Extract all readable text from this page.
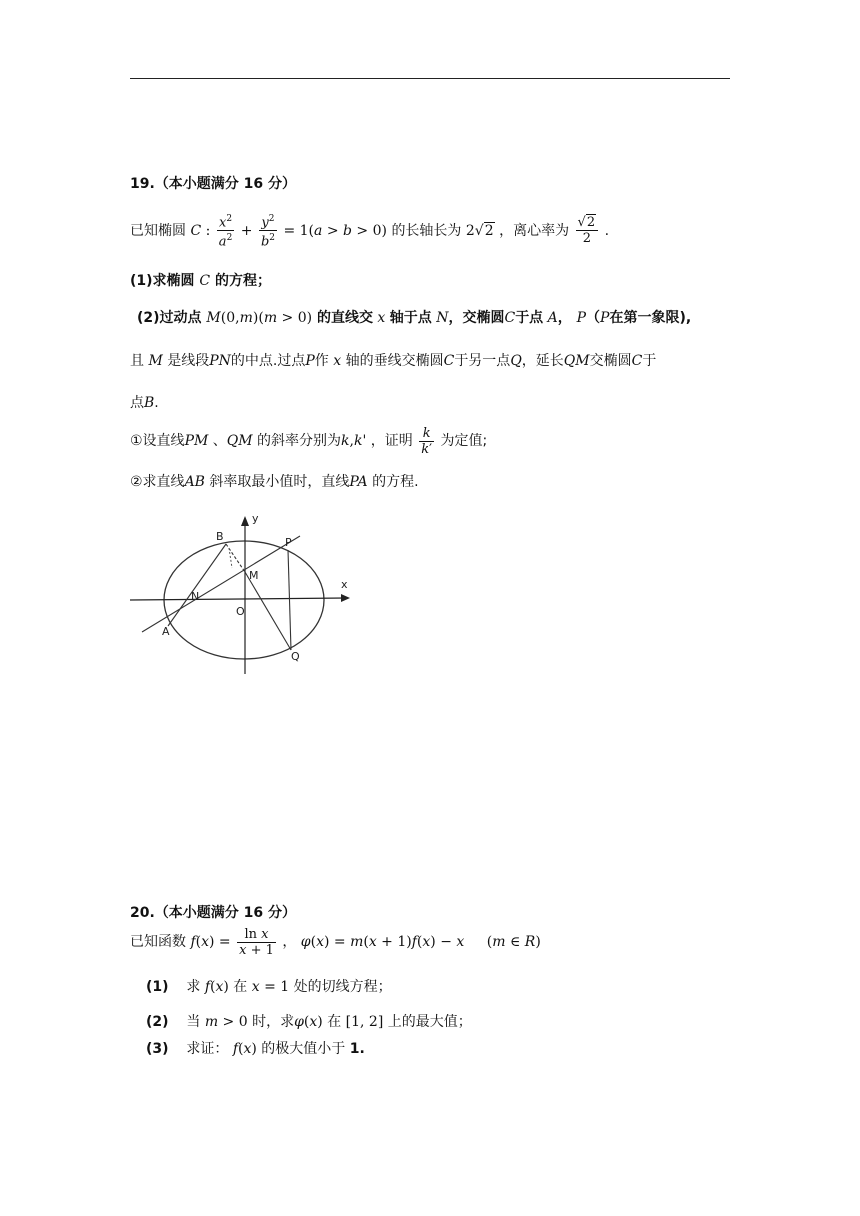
19.（本小题满分 16 分）
已知椭圆 C : $\frac{x^2}{a^2} + \frac{y^2}{b^2} = 1(a > b > 0)$ 的长轴长为 2√2 ，离心率为 $\frac{√2}{2}$ .
(1)求椭圆 C 的方程；
(2)过动点 M(0,m)(m > 0) 的直线交 x 轴于点 N，交椭圆C于点 A， P（P在第一象限),
且 M 是线段PN的中点.过点P作 x 轴的垂线交椭圆C于另一点Q，延长QM交椭圆C于
点B.
①设直线PM 、QM 的斜率分别为k,k' ，证明 $\frac{k}{k'}$ 为定值;
②求直线AB 斜率取最小值时，直线PA 的方程.
y
x
B	P
M
N
O
A
Q
20.（本小题满分 16 分）
已知函数 $f(x) = \frac{\text{ln x}}{x + 1}$ ， φ(x) = m(x + 1)f(x) − x (m ∈ R)
(1) 求 f(x) 在 x = 1 处的切线方程；
(2) 当 m > 0 时，求φ(x) 在 [1, 2] 上的最大值；
(3) 求证： f(x) 的极大值小于 1.
